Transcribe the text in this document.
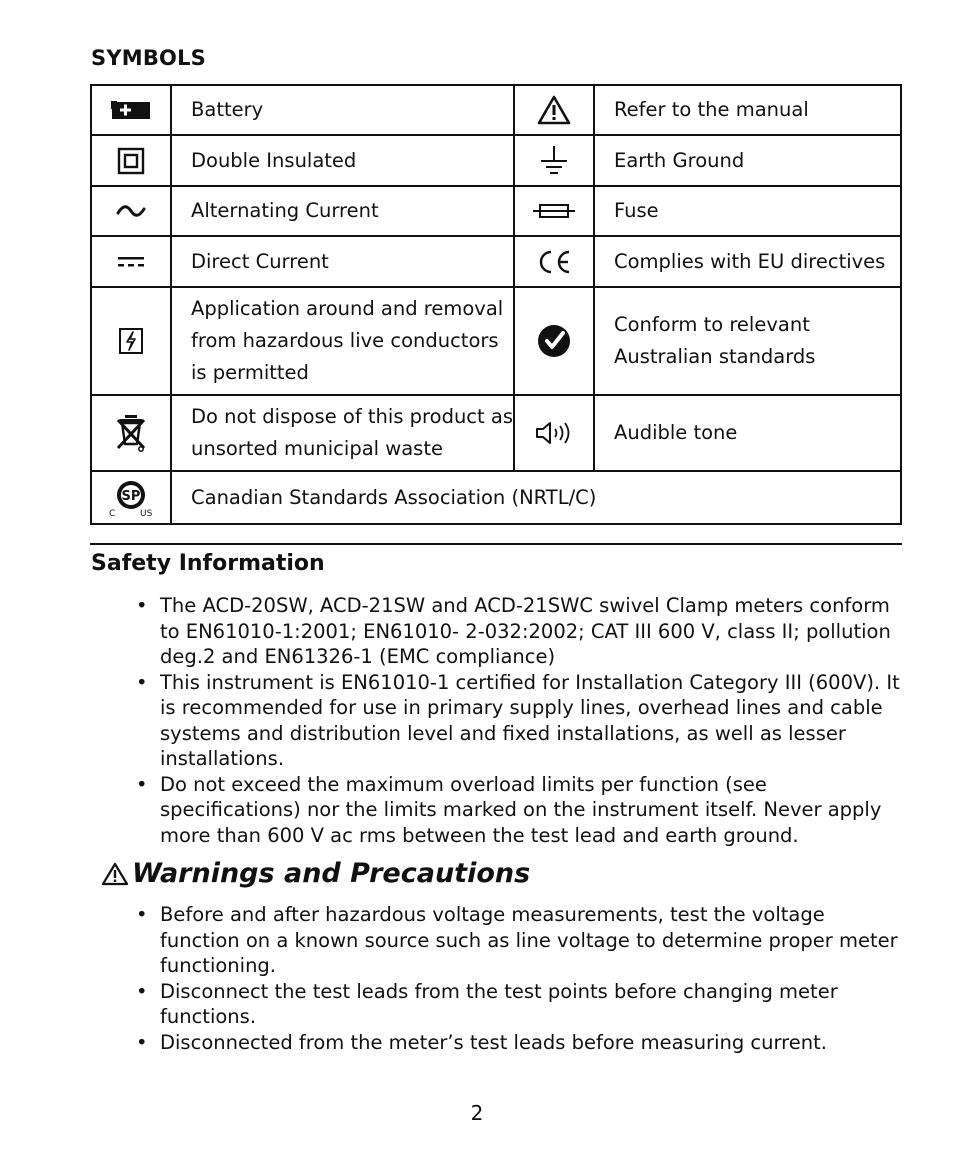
SYMBOLS
	Battery		Refer to the manual

	Double Insulated		Earth Ground

	Alternating Current		Fuse

	Direct Current		Complies with EU directives

	Application around and removal from hazardous live conductors is permitted		Conform to relevant Australian standards

	Do not dispose of this product as unsorted municipal waste		Audible tone

SP
C US	Canadian Standards Association (NRTL/C)		
Safety Information
• The ACD-20SW, ACD-21SW and ACD-21SWC swivel Clamp meters conform to EN61010-1:2001; EN61010- 2-032:2002; CAT III 600 V, class II; pollution deg.2 and EN61326-1 (EMC compliance)
• This instrument is EN61010-1 certified for Installation Category III (600V). It is recommended for use in primary supply lines, overhead lines and cable systems and distribution level and fixed installations, as well as lesser installations.
• Do not exceed the maximum overload limits per function (see specifications) nor the limits marked on the instrument itself. Never apply more than 600 V ac rms between the test lead and earth ground.
Warnings and Precautions
• Before and after hazardous voltage measurements, test the voltage function on a known source such as line voltage to determine proper meter functioning.
• Disconnect the test leads from the test points before changing meter functions.
• Disconnected from the meter’s test leads before measuring current.
2
